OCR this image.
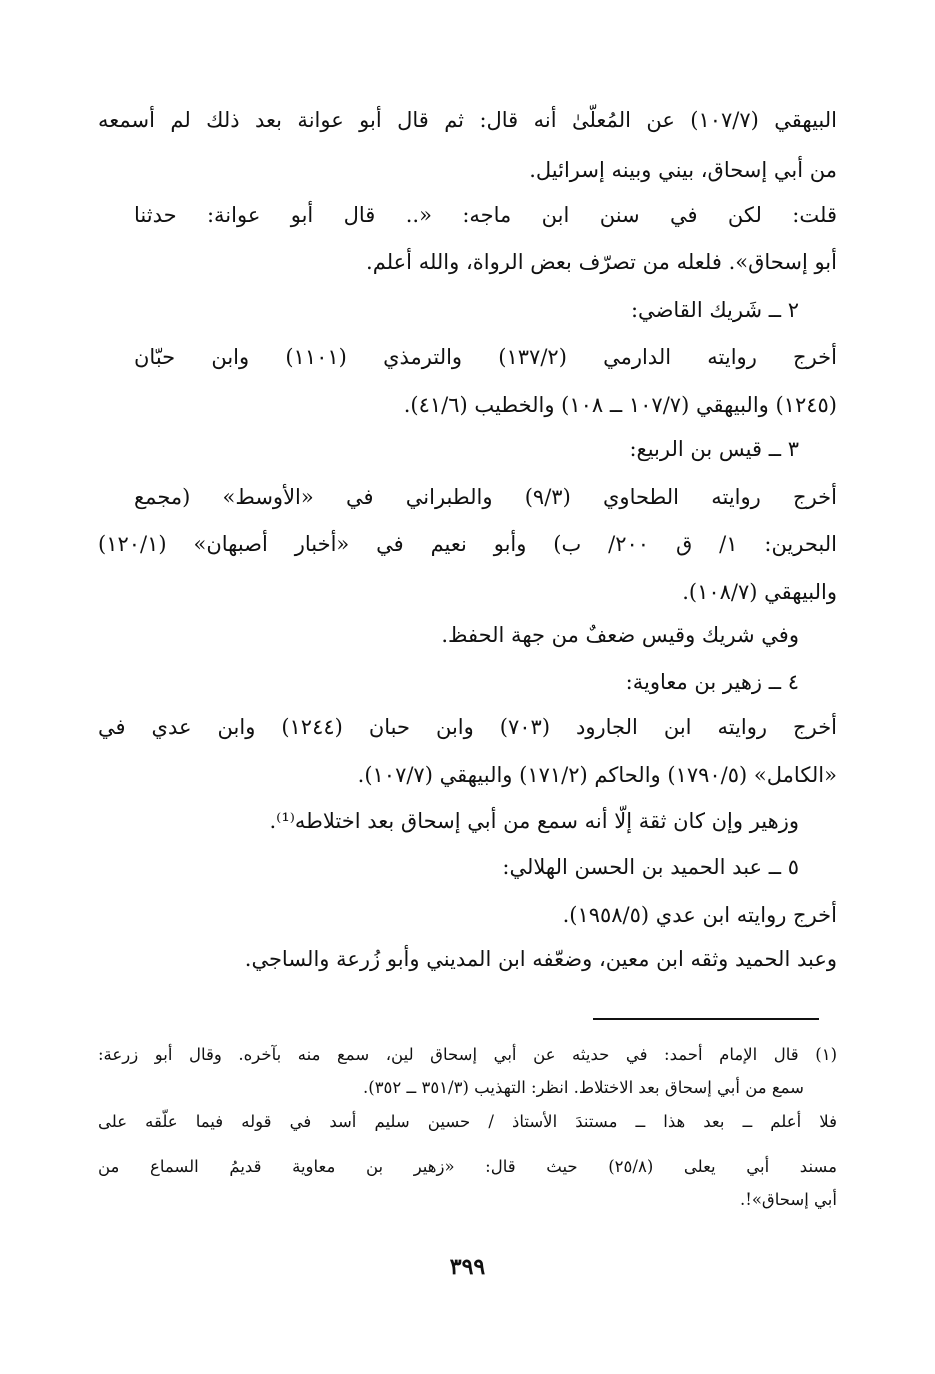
البيهقي (١٠٧/٧) عن المُعلّىٰ أنه قال: ثم قال أبو عوانة بعد ذلك لم أسمعه
من أبي إسحاق، بيني وبينه إسرائيل.
قلت: لكن في سنن ابن ماجه: «.. قال أبو عوانة: حدثنا
أبو إسحاق». فلعله من تصرّف بعض الرواة، والله أعلم.
٢ ــ شَريك القاضي:
أخرج روايته الدارمي (١٣٧/٢) والترمذي (١١٠١) وابن حبّان
(١٢٤٥) والبيهقي (١٠٧/٧ ــ ١٠٨) والخطيب (٤١/٦).
٣ ــ قيس بن الربيع:
أخرج روايته الطحاوي (٩/٣) والطبراني في «الأوسط» (مجمع
البحرين: ١/ ق ٢٠٠/ ب) وأبو نعيم في «أخبار أصبهان» (١٢٠/١)
والبيهقي (١٠٨/٧).
وفي شريك وقيس ضعفٌ من جهة الحفظ.
٤ ــ زهير بن معاوية:
أخرج روايته ابن الجارود (٧٠٣) وابن حبان (١٢٤٤) وابن عدي في
«الكامل» (١٧٩٠/٥) والحاكم (١٧١/٢) والبيهقي (١٠٧/٧).
وزهير وإن كان ثقة إلّا أنه سمع من أبي إسحاق بعد اختلاطه⁽¹⁾.
٥ ــ عبد الحميد بن الحسن الهلالي:
أخرج روايته ابن عدي (١٩٥٨/٥).
وعبد الحميد وثقه ابن معين، وضعّفه ابن المديني وأبو زُرعة والساجي.
(١) قال الإمام أحمد: في حديثه عن أبي إسحاق لين، سمع منه بآخره. وقال أبو زرعة:
سمع من أبي إسحاق بعد الاختلاط. انظر: التهذيب (٣٥١/٣ ــ ٣٥٢).
فلا أعلم ــ بعد هذا ــ مستندَ الأستاذ / حسين سليم أسد في قوله فيما علّقه على
مسند أبي يعلى (٢٥/٨) حيث قال: «زهير بن معاوية قديمُ السماع من
أبي إسحاق»!.
٣٩٩
